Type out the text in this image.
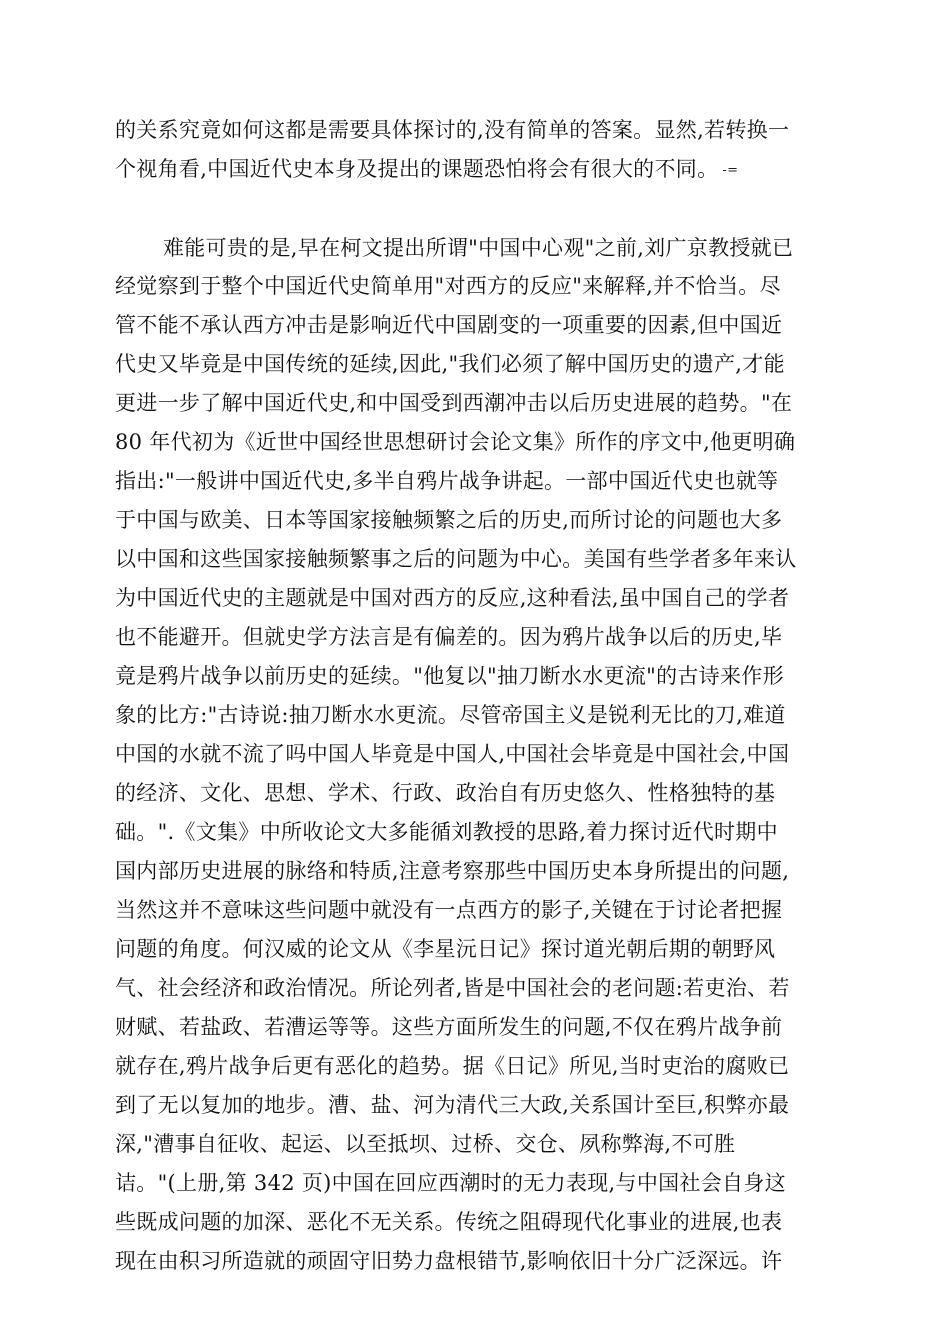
的关系究竟如何这都是需要具体探讨的,没有简单的答案。显然,若转换一
个视角看,中国近代史本身及提出的课题恐怕将会有很大的不同。 -=
难能可贵的是,早在柯文提出所谓"中国中心观"之前,刘广京教授就已
经觉察到于整个中国近代史简单用"对西方的反应"来解释,并不恰当。尽
管不能不承认西方冲击是影响近代中国剧变的一项重要的因素,但中国近
代史又毕竟是中国传统的延续,因此,"我们必须了解中国历史的遗产,才能
更进一步了解中国近代史,和中国受到西潮冲击以后历史进展的趋势。"在
80 年代初为《近世中国经世思想研讨会论文集》所作的序文中,他更明确
指出:"一般讲中国近代史,多半自鸦片战争讲起。一部中国近代史也就等
于中国与欧美、日本等国家接触频繁之后的历史,而所讨论的问题也大多
以中国和这些国家接触频繁事之后的问题为中心。美国有些学者多年来认
为中国近代史的主题就是中国对西方的反应,这种看法,虽中国自己的学者
也不能避开。但就史学方法言是有偏差的。因为鸦片战争以后的历史,毕
竟是鸦片战争以前历史的延续。"他复以"抽刀断水水更流"的古诗来作形
象的比方:"古诗说:抽刀断水水更流。尽管帝国主义是锐利无比的刀,难道
中国的水就不流了吗中国人毕竟是中国人,中国社会毕竟是中国社会,中国
的经济、文化、思想、学术、行政、政治自有历史悠久、性格独特的基
础。".《文集》中所收论文大多能循刘教授的思路,着力探讨近代时期中
国内部历史进展的脉络和特质,注意考察那些中国历史本身所提出的问题,
当然这并不意味这些问题中就没有一点西方的影子,关键在于讨论者把握
问题的角度。何汉威的论文从《李星沅日记》探讨道光朝后期的朝野风
气、社会经济和政治情况。所论列者,皆是中国社会的老问题:若吏治、若
财赋、若盐政、若漕运等等。这些方面所发生的问题,不仅在鸦片战争前
就存在,鸦片战争后更有恶化的趋势。据《日记》所见,当时吏治的腐败已
到了无以复加的地步。漕、盐、河为清代三大政,关系国计至巨,积弊亦最
深,"漕事自征收、起运、以至抵坝、过桥、交仓、夙称弊海,不可胜
诘。"(上册,第 342 页)中国在回应西潮时的无力表现,与中国社会自身这
些既成问题的加深、恶化不无关系。传统之阻碍现代化事业的进展,也表
现在由积习所造就的顽固守旧势力盘根错节,影响依旧十分广泛深远。许
